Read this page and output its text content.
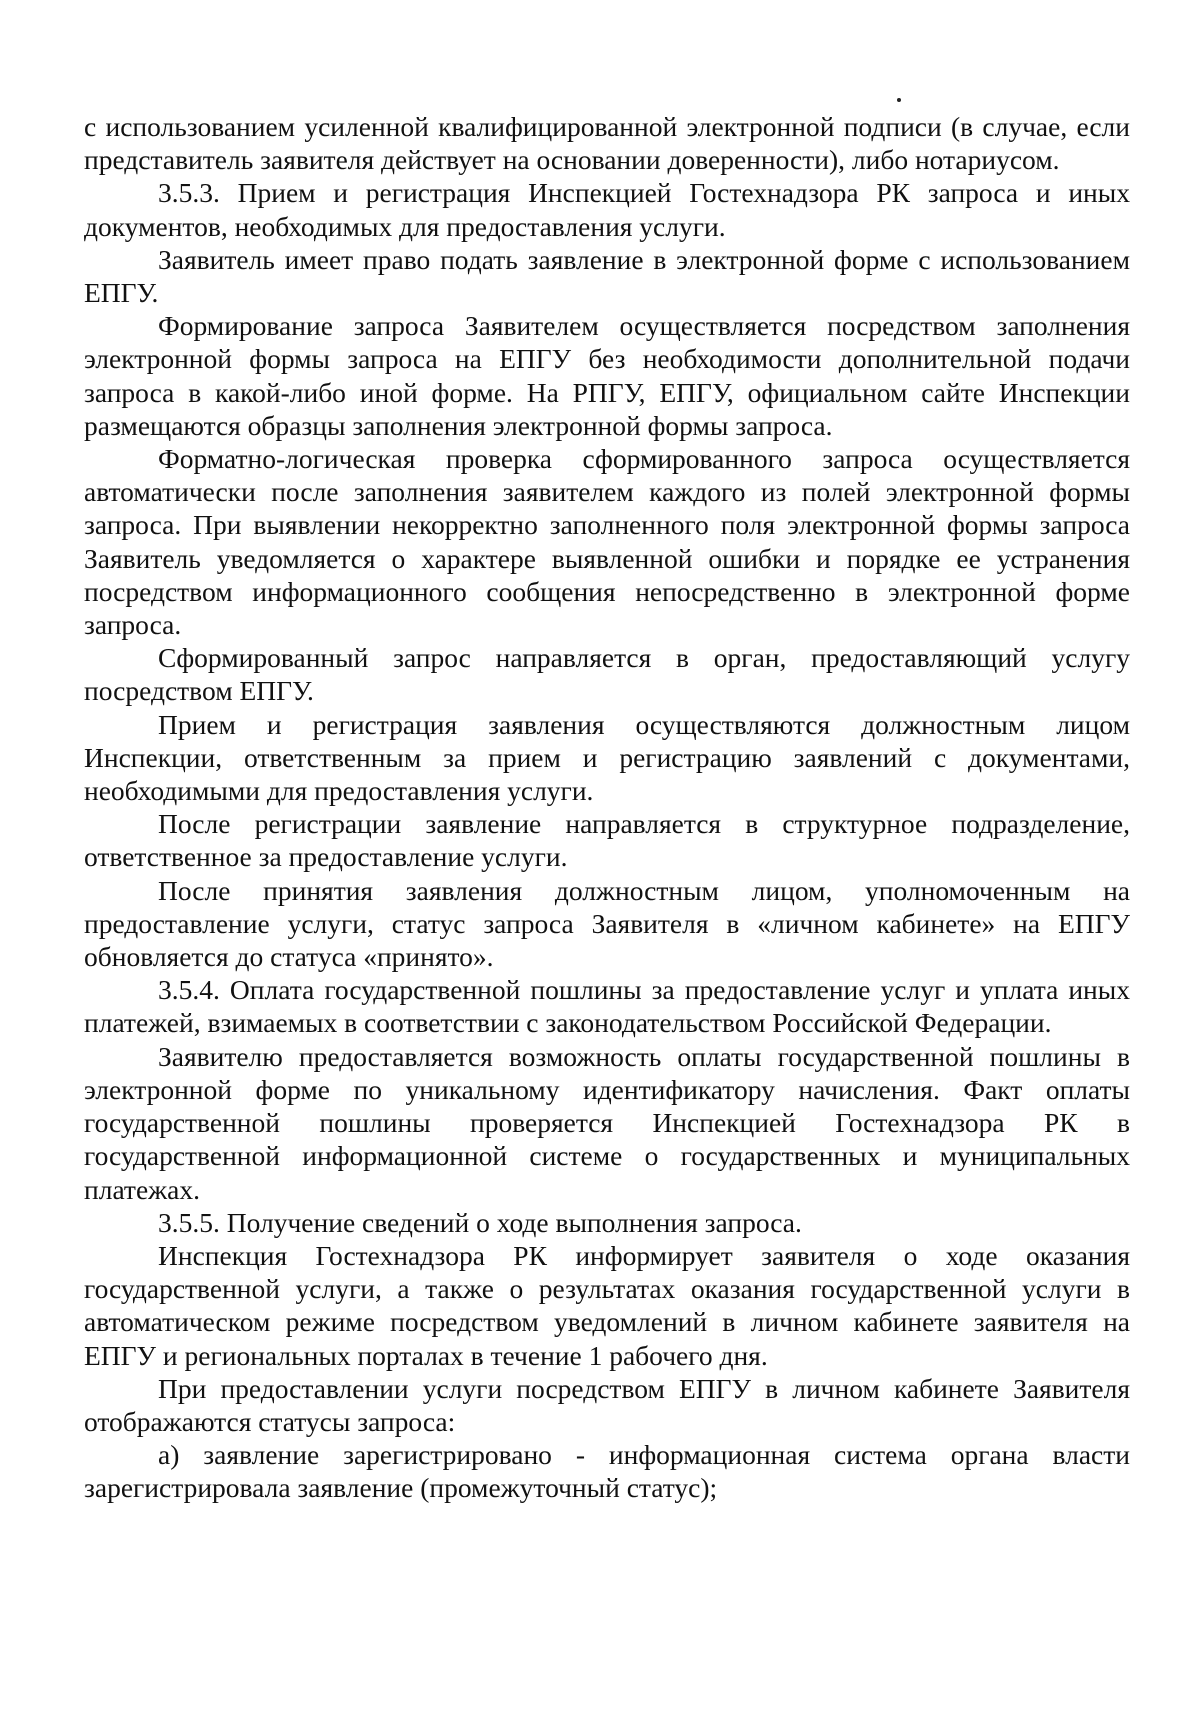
с использованием усиленной квалифицированной электронной подписи (в случае, если представитель заявителя действует на основании доверенности), либо нотариусом.

3.5.3. Прием и регистрация Инспекцией Гостехнадзора РК запроса и иных документов, необходимых для предоставления услуги.

Заявитель имеет право подать заявление в электронной форме с использованием ЕПГУ.

Формирование запроса Заявителем осуществляется посредством заполнения электронной формы запроса на ЕПГУ без необходимости дополнительной подачи запроса в какой-либо иной форме. На РПГУ, ЕПГУ, официальном сайте Инспекции размещаются образцы заполнения электронной формы запроса.

Форматно-логическая проверка сформированного запроса осуществляется автоматически после заполнения заявителем каждого из полей электронной формы запроса. При выявлении некорректно заполненного поля электронной формы запроса Заявитель уведомляется о характере выявленной ошибки и порядке ее устранения посредством информационного сообщения непосредственно в электронной форме запроса.

Сформированный запрос направляется в орган, предоставляющий услугу посредством ЕПГУ.

Прием и регистрация заявления осуществляются должностным лицом Инспекции, ответственным за прием и регистрацию заявлений с документами, необходимыми для предоставления услуги.

После регистрации заявление направляется в структурное подразделение, ответственное за предоставление услуги.

После принятия заявления должностным лицом, уполномоченным на предоставление услуги, статус запроса Заявителя в «личном кабинете» на ЕПГУ обновляется до статуса «принято».

3.5.4. Оплата государственной пошлины за предоставление услуг и уплата иных платежей, взимаемых в соответствии с законодательством Российской Федерации.

Заявителю предоставляется возможность оплаты государственной пошлины в электронной форме по уникальному идентификатору начисления. Факт оплаты государственной пошлины проверяется Инспекцией Гостехнадзора РК в государственной информационной системе о государственных и муниципальных платежах.

3.5.5. Получение сведений о ходе выполнения запроса.

Инспекция Гостехнадзора РК информирует заявителя о ходе оказания государственной услуги, а также о результатах оказания государственной услуги в автоматическом режиме посредством уведомлений в личном кабинете заявителя на ЕПГУ и региональных порталах в течение 1 рабочего дня.

При предоставлении услуги посредством ЕПГУ в личном кабинете Заявителя отображаются статусы запроса:

а) заявление зарегистрировано - информационная система органа власти зарегистрировала заявление (промежуточный статус);
